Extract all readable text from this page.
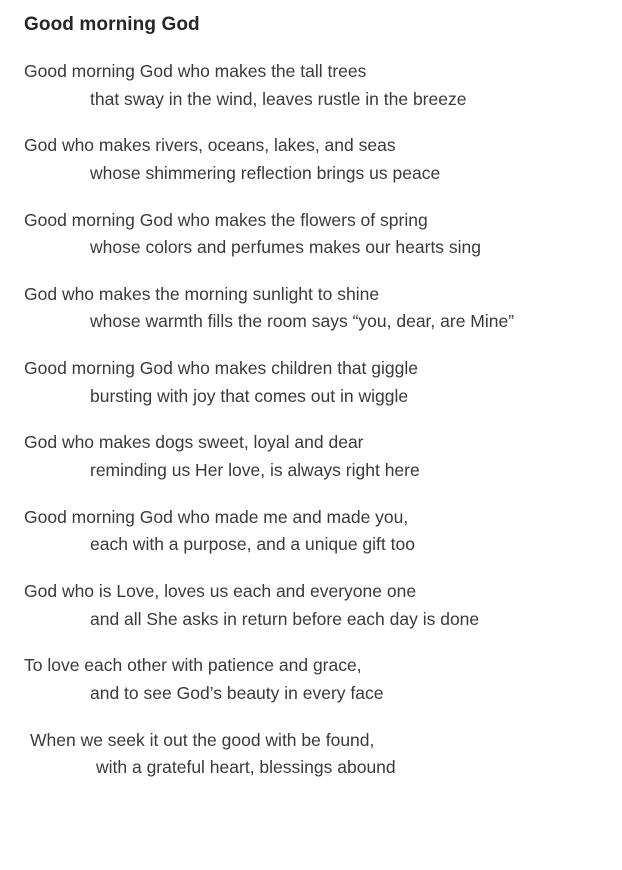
Good morning God
Good morning God who makes the tall trees
that sway in the wind, leaves rustle in the breeze
God who makes rivers, oceans, lakes, and seas
whose shimmering reflection brings us peace
Good morning God who makes the flowers of spring
whose colors and perfumes makes our hearts sing
God who makes the morning sunlight to shine
whose warmth fills the room says “you, dear, are Mine”
Good morning God who makes children that giggle
bursting with joy that comes out in wiggle
God who makes dogs sweet, loyal and dear
reminding us Her love, is always right here
Good morning God who made me and made you,
each with a purpose, and a unique gift too
God who is Love, loves us each and everyone one
and all She asks in return before each day is done
To love each other with patience and grace,
and to see God’s beauty in every face
When we seek it out the good with be found,
with a grateful heart, blessings abound
